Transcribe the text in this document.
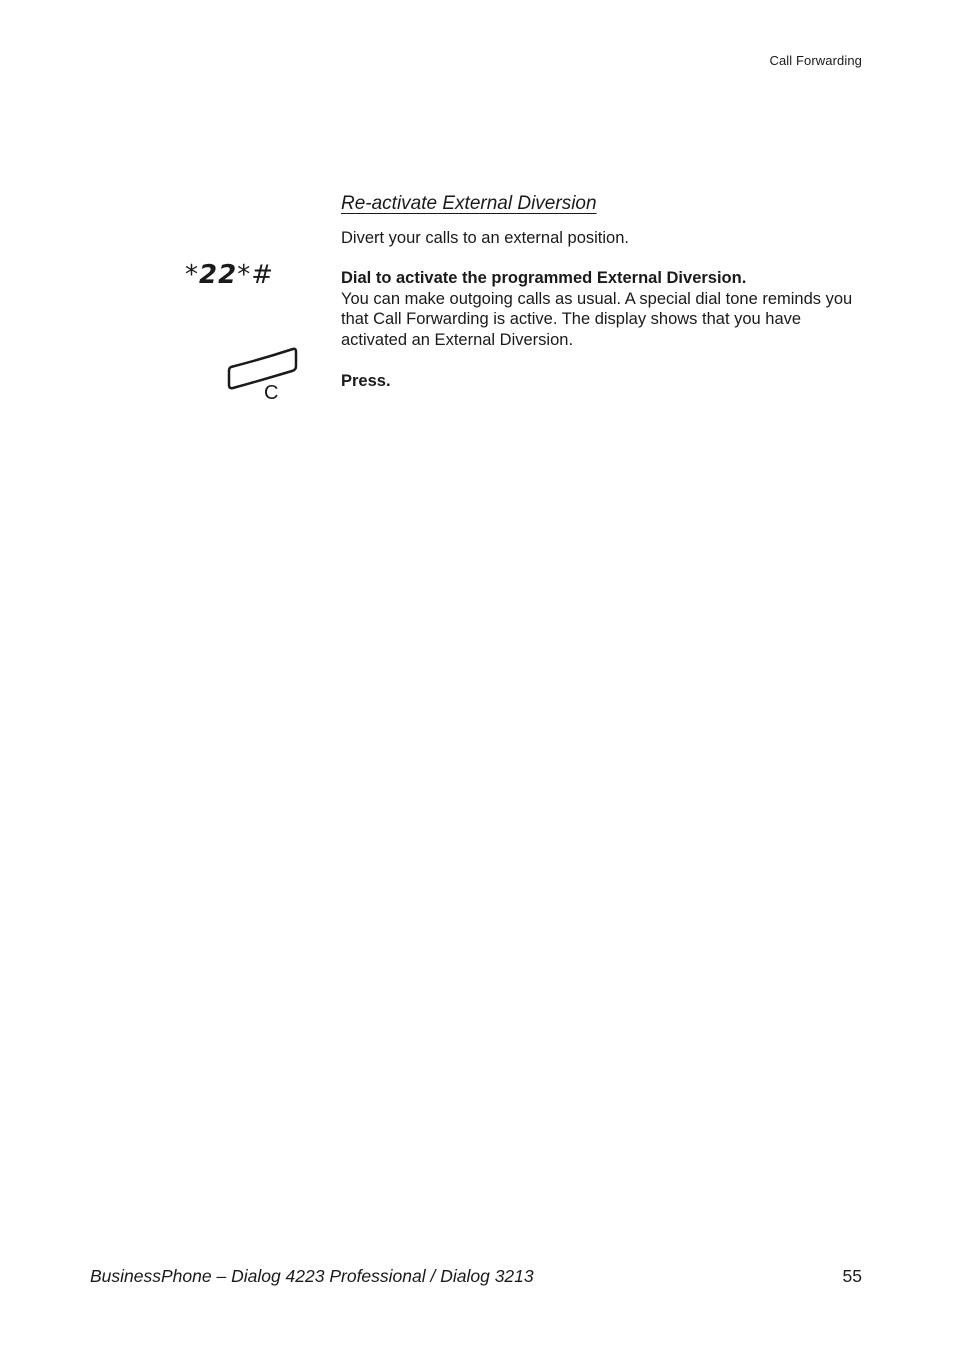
Call Forwarding
Re-activate External Diversion
Divert your calls to an external position.
*22*#	Dial to activate the programmed External Diversion.
You can make outgoing calls as usual. A special dial tone reminds you that Call Forwarding is active. The display shows that you have activated an External Diversion.
C
Press.
BusinessPhone – Dialog 4223 Professional / Dialog 3213	55
